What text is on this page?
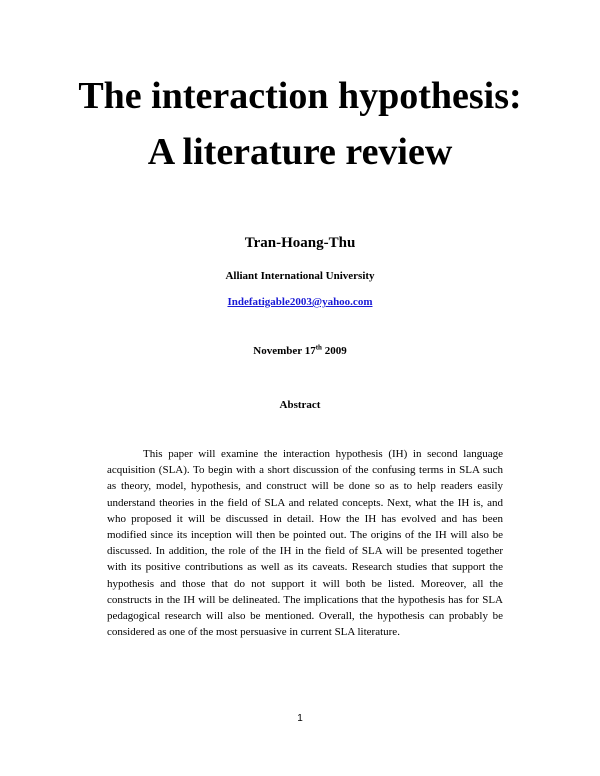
The interaction hypothesis:
A literature review
Tran-Hoang-Thu
Alliant International University
Indefatigable2003@yahoo.com
November 17th 2009
Abstract

This paper will examine the interaction hypothesis (IH) in second language acquisition (SLA). To begin with a short discussion of the confusing terms in SLA such as theory, model, hypothesis, and construct will be done so as to help readers easily understand theories in the field of SLA and related concepts. Next, what the IH is, and who proposed it will be discussed in detail. How the IH has evolved and has been modified since its inception will then be pointed out. The origins of the IH will also be discussed. In addition, the role of the IH in the field of SLA will be presented together with its positive contributions as well as its caveats. Research studies that support the hypothesis and those that do not support it will both be listed. Moreover, all the constructs in the IH will be delineated. The implications that the hypothesis has for SLA pedagogical research will also be mentioned. Overall, the hypothesis can probably be considered as one of the most persuasive in current SLA literature.

1
